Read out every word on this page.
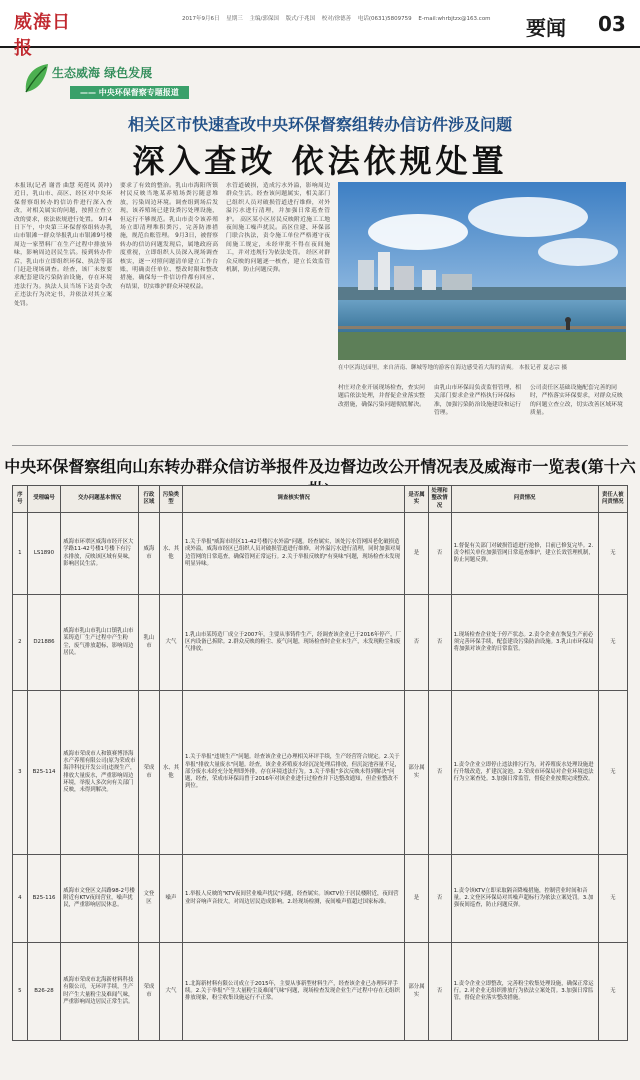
威海日报
2017年9月6日 星期三 主编/郭保国 版式/于兆国 校对/徐德善 电话(0631)5809759 E-mail:whrbjtzx@163.com 要闻 03
生态威海 绿色发展
—— 中央环保督察专题报道
相关区市快速查改中央环保督察组转办信访件涉及问题
深入查改 依法依规处置
本报讯(记者 谢晋 曲慧 苑莲凤 黄冲)近日，乳山市、高区、经区对中央环保督察组转办的信访件进行深入查改，对相关属实的问题，按照立查立改的要求，依法依规进行处置。 9月4日下午，中央第三环保督察组转办乳山市银滩一群众举报乳山市银滩9号楼周边一家塑料厂在生产过程中排放异味，影响周边居民生活。接到转办件后，乳山市立即组织环保、执法等部门赶赴现场调查。经查，该厂未按要求配套建设污染防治设施，存在环境违法行为。执法人员当场下达责令改正违法行为决定书，并依法对其立案处罚。
要求了有效的整治。乳山市海阳所镇村民反映当地某养殖场粪污随意堆放，污染周边环境。调查组到场后发现，该养殖场已建设粪污处理设施，但运行不够规范。乳山市责令该养殖场立即清理堆积粪污，完善防渗措施，规范台账管理。 9月3日，被督察转办的信访问题发现后，属地政府高度重视，立即组织人员深入现场调查核实，逐一对照问题清单建立工作台账，明确责任单位、整改时限和整改措施，确保每一件信访件都有回应、有结果，切实维护群众环境权益。
水管道破损，造成污水外溢，影响周边群众生活。经查该问题属实，相关部门已组织人员对破损管道进行维修，对外溢污水进行清理，并加强日常巡查管护。 高区某小区居民反映附近施工工地夜间施工噪声扰民。高区住建、环保部门联合执法，责令施工单位严格遵守夜间施工规定，未经审批不得在夜间施工，并对违规行为依法处罚。 经区对群众反映的问题逐一核查，建立长效监管机制，防止问题反弹。
在中区海边园里，来自济南、聊城等地的游客在海边感受着大海的清爽。 本报记者 夏志宗 摄
村庄对企业开展现场检查，查实问题后依法处理，并督促企业落实整改措施，确保污染问题彻底解决。
由乳山市环保局负责监督管理，相关部门要求企业严格执行环保标准，加强污染防治设施建设和运行管理。
公司责任区基础设施配套完善的同时，严格落实环保要求，对群众反映的问题立查立改，切实改善区域环境质量。
中央环保督察组向山东转办群众信访举报件及边督边改公开情况表及威海市一览表(第十六
序号	受理编号	交办问题基本情况	行政区域	污染类型	调查核实情况	是否属实	处理和整改情况	问责情况	责任人被问责情况
1	LS1890	威海市环翠区威海市经开区大学路11-42号楼1号楼下有污水排放，反映该区域有臭味，影响居民生活。	威海市	水、其他	1.关于举报"威海市经区11-42号楼污水外溢"问题。经查属实，该处污水管网因老化破损造成外溢，威海市经区已组织人员对破损管道进行维修，对外溢污水进行清理，同时加强对周边管网的日常巡查，确保管网正常运行。2.关于举报反映的"有臭味"问题，现场检查未发现明显异味。	是	否	1.督促有关部门对破损管道进行抢修，目前已修复完毕。2.责令相关单位加强管网日常巡查维护，建立长效管理机制，防止问题反弹。	无
2	D21886	威海市乳山市乳山口镇乳山市某铸造厂生产过程中产生粉尘，废气排放超标，影响周边居民。	乳山市	大气	1.乳山市某铸造厂成立于2007年，主要从事铸件生产，经调查该企业已于2016年停产，厂区内设备已拆除。2.群众反映的粉尘、废气问题，现场检查时企业未生产，未发现粉尘和废气排放。	否	否	1.现场检查企业处于停产状态。2.责令企业在恢复生产前必须完善环保手续，配套建设污染防治设施。3.乳山市环保局将加强对该企业的日常监管。	无
3	B25-114	威海市荣成市人和镇赛博泽海水产养殖有限公司(原为荣成市海洋科技开发公司)违规生产，排放大量废水，严重影响周边环境，举报人多次向有关部门反映，未得到解决。	荣成市	水、其他	1.关于举报"违规生产"问题。经查该企业已办理相关环评手续，生产经营符合规定。2.关于举报"排放大量废水"问题。经查，该企业养殖废水经沉淀处理后排放，但沉淀池容量不足，部分废水未经充分处理即外排，存在环境违法行为。3.关于举报"多次反映未得到解决"问题，经查，荣成市环保局曾于2016年对该企业进行过检查并下达整改通知，但企业整改不到位。	部分属实	否	1.责令企业立即停止违法排污行为，对养殖废水处理设施进行升级改造，扩建沉淀池。2.荣成市环保局对企业环境违法行为立案查处。3.加强日常监管，督促企业按期完成整改。	无
4	B25-116	威海市文登区文昌路98-2号楼附近有KTV夜间营业，噪声扰民，严重影响居民休息。	文登区	噪声	1.举报人反映的"KTV夜间营业噪声扰民"问题，经查属实。该KTV位于居民楼附近，夜间营业时音响声音较大，对周边居民造成影响。2.经现场检测，夜间噪声值超过国家标准。	是	否	1.责令该KTV立即采取隔音降噪措施，控制营业时间和音量。2.文登区环保局对其噪声超标行为依法立案处罚。3.加强夜间巡查，防止问题反弹。	无
5	B26-28	威海市荣成市北海新材料科技有限公司，无环评手续，生产时产生大量粉尘及难闻气味，严重影响周边居民正常生活。	荣成市	大气	1.北海新材料有限公司成立于2015年，主要从事新型材料生产，经查该企业已办理环评手续。2.关于举报"产生大量粉尘及难闻气味"问题，现场检查发现企业生产过程中存在无组织排放现象，粉尘收集设施运行不正常。	部分属实	否	1.责令企业立即整改，完善粉尘收集处理设施，确保正常运行。2.对企业无组织排放行为依法立案处罚。3.加强日常监管，督促企业落实整改措施。	无
